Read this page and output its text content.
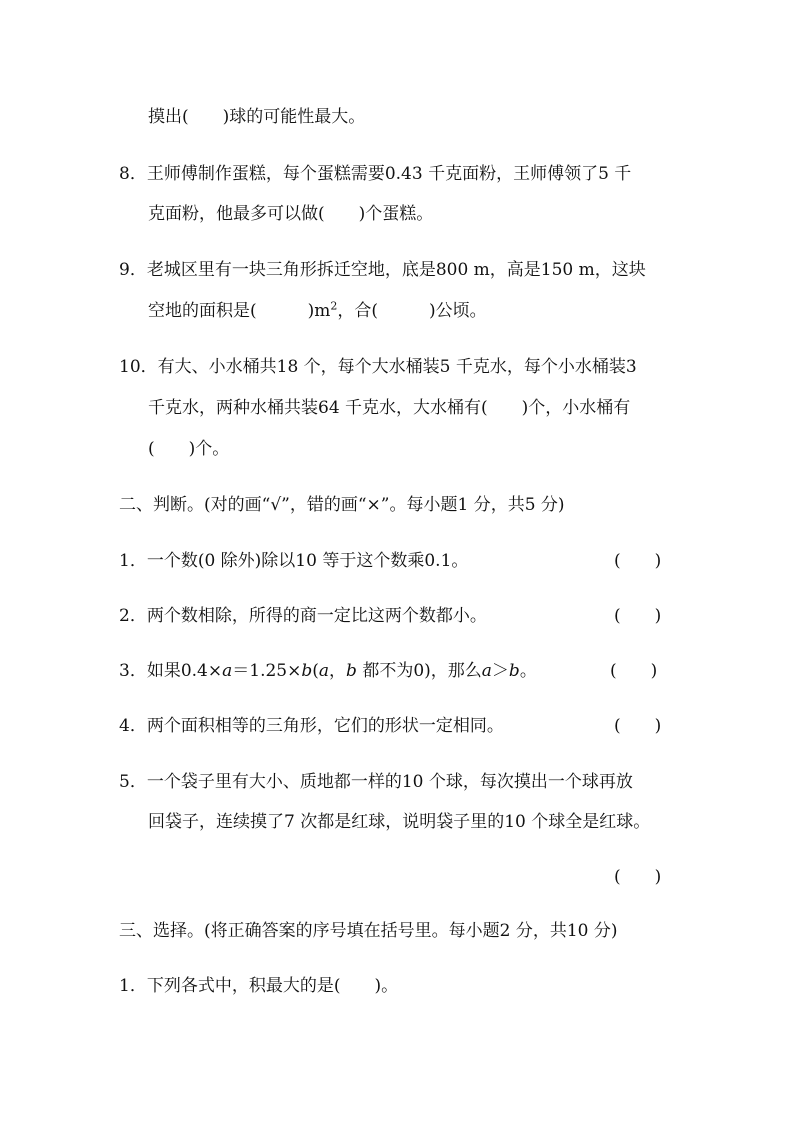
摸出(　　)球的可能性最大。
8．王师傅制作蛋糕，每个蛋糕需要0.43 千克面粉，王师傅领了5 千
克面粉，他最多可以做(　　)个蛋糕。
9．老城区里有一块三角形拆迁空地，底是800 m，高是150 m，这块
空地的面积是(　　　)$m^2$，合(　　　)公顷。
10．有大、小水桶共18 个，每个大水桶装5 千克水，每个小水桶装3
千克水，两种水桶共装64 千克水，大水桶有(　　)个，小水桶有
(　　)个。
二、判断。(对的画“√”，错的画“×”。每小题1 分，共5 分)
1．一个数(0 除外)除以10 等于这个数乘0.1。	(　　)
2．两个数相除，所得的商一定比这两个数都小。	(　　)
3．如果0.4×a＝1.25×b(a，b 都不为0)，那么a＞b。	(　　)
4．两个面积相等的三角形，它们的形状一定相同。	(　　)
5．一个袋子里有大小、质地都一样的10 个球，每次摸出一个球再放
回袋子，连续摸了7 次都是红球，说明袋子里的10 个球全是红球。
(　　)
三、选择。(将正确答案的序号填在括号里。每小题2 分，共10 分)
1．下列各式中，积最大的是(　　)。
